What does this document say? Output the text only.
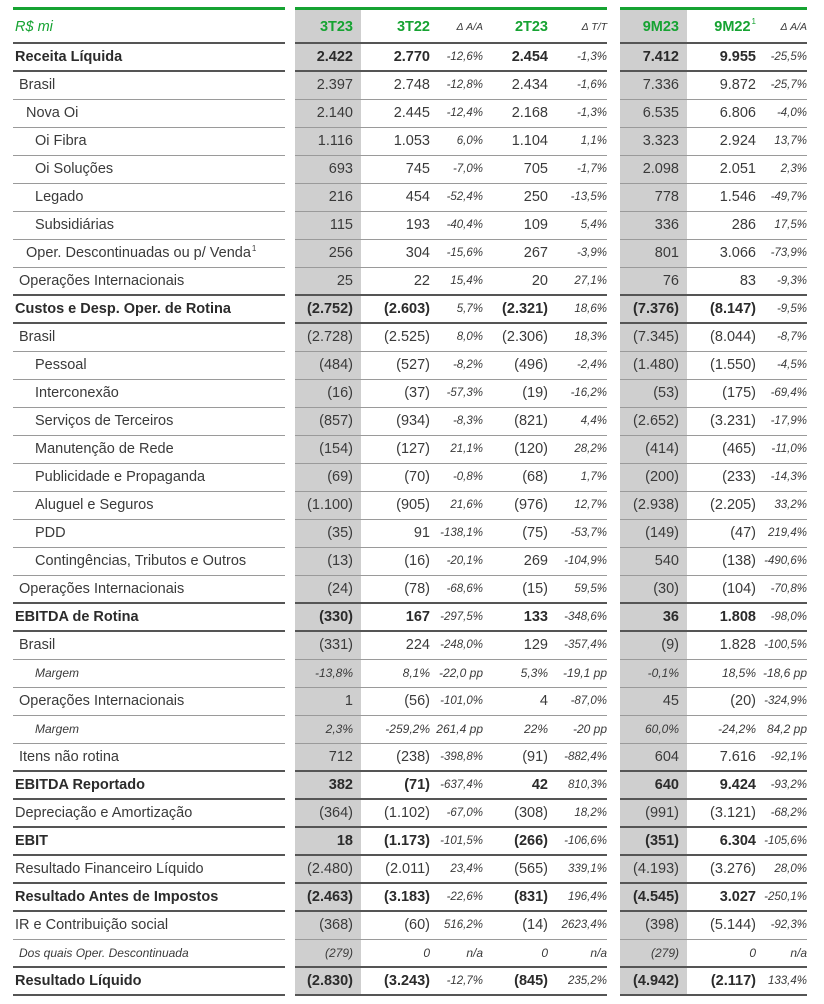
R$ mi	3T23	3T22	Δ A/A	2T23	Δ T/T	9M23	$9M22^1$	Δ A/A
Receita Líquida	2.422	2.770	-12,6%	2.454	-1,3%	7.412	9.955	-25,5%
Brasil	2.397	2.748	-12,8%	2.434	-1,6%	7.336	9.872	-25,7%
Nova Oi	2.140	2.445	-12,4%	2.168	-1,3%	6.535	6.806	-4,0%
Oi Fibra	1.116	1.053	6,0%	1.104	1,1%	3.323	2.924	13,7%
Oi Soluções	693	745	-7,0%	705	-1,7%	2.098	2.051	2,3%
Legado	216	454	-52,4%	250	-13,5%	778	1.546	-49,7%
Subsidiárias	115	193	-40,4%	109	5,4%	336	286	17,5%
Oper. Descontinuadas ou p/ Venda$^1$	256	304	-15,6%	267	-3,9%	801	3.066	-73,9%
Operações Internacionais	25	22	15,4%	20	27,1%	76	83	-9,3%
Custos e Desp. Oper. de Rotina	(2.752)	(2.603)	5,7%	(2.321)	18,6%	(7.376)	(8.147)	-9,5%
Brasil	(2.728)	(2.525)	8,0%	(2.306)	18,3%	(7.345)	(8.044)	-8,7%
Pessoal	(484)	(527)	-8,2%	(496)	-2,4%	(1.480)	(1.550)	-4,5%
Interconexão	(16)	(37)	-57,3%	(19)	-16,2%	(53)	(175)	-69,4%
Serviços de Terceiros	(857)	(934)	-8,3%	(821)	4,4%	(2.652)	(3.231)	-17,9%
Manutenção de Rede	(154)	(127)	21,1%	(120)	28,2%	(414)	(465)	-11,0%
Publicidade e Propaganda	(69)	(70)	-0,8%	(68)	1,7%	(200)	(233)	-14,3%
Aluguel e Seguros	(1.100)	(905)	21,6%	(976)	12,7%	(2.938)	(2.205)	33,2%
PDD	(35)	91 -138,1%	(75)	-53,7%	(149)	(47)	219,4%
Contingências, Tributos e Outros	(13)	(16)	-20,1%	269	-104,9%	540	(138) -490,6%
Operações Internacionais	(24)	(78)	-68,6%	(15)	59,5%	(30)	(104)	-70,8%
EBITDA de Rotina	(330)	167 -297,5%	133	-348,6%	36	1.808	-98,0%
Brasil	(331)	224 -248,0%	129	-357,4%	(9)	1.828 -100,5%
Margem	-13,8%	8,1% -22,0 pp	5,3%	-19,1 pp	-0,1%	18,5% -18,6 pp
Operações Internacionais	1	(56) -101,0%	4	-87,0%	45	(20) -324,9%
Margem	2,3%	-259,2% 261,4 pp	22%	-20 pp	60,0%	-24,2% 84,2 pp
Itens não rotina	712	(238) -398,8%	(91)	-882,4%	604	7.616	-92,1%
EBITDA Reportado	382	(71) -637,4%	42	810,3%	640	9.424	-93,2%
Depreciação e Amortização	(364)	(1.102)	-67,0%	(308)	18,2%	(991)	(3.121)	-68,2%
EBIT	18	(1.173) -101,5%	(266)	-106,6%	(351)	6.304 -105,6%
Resultado Financeiro Líquido	(2.480)	(2.011)	23,4%	(565)	339,1%	(4.193)	(3.276)	28,0%
Resultado Antes de Impostos	(2.463)	(3.183)	-22,6%	(831)	196,4%	(4.545)	3.027 -250,1%
IR e Contribuição social	(368)	(60)	516,2%	(14)	2623,4%	(398)	(5.144)	-92,3%
Dos quais Oper. Descontinuada	(279)	0	n/a	0	n/a	(279)	0	n/a
Resultado Líquido	(2.830)	(3.243)	-12,7%	(845)	235,2%	(4.942)	(2.117)	133,4%
